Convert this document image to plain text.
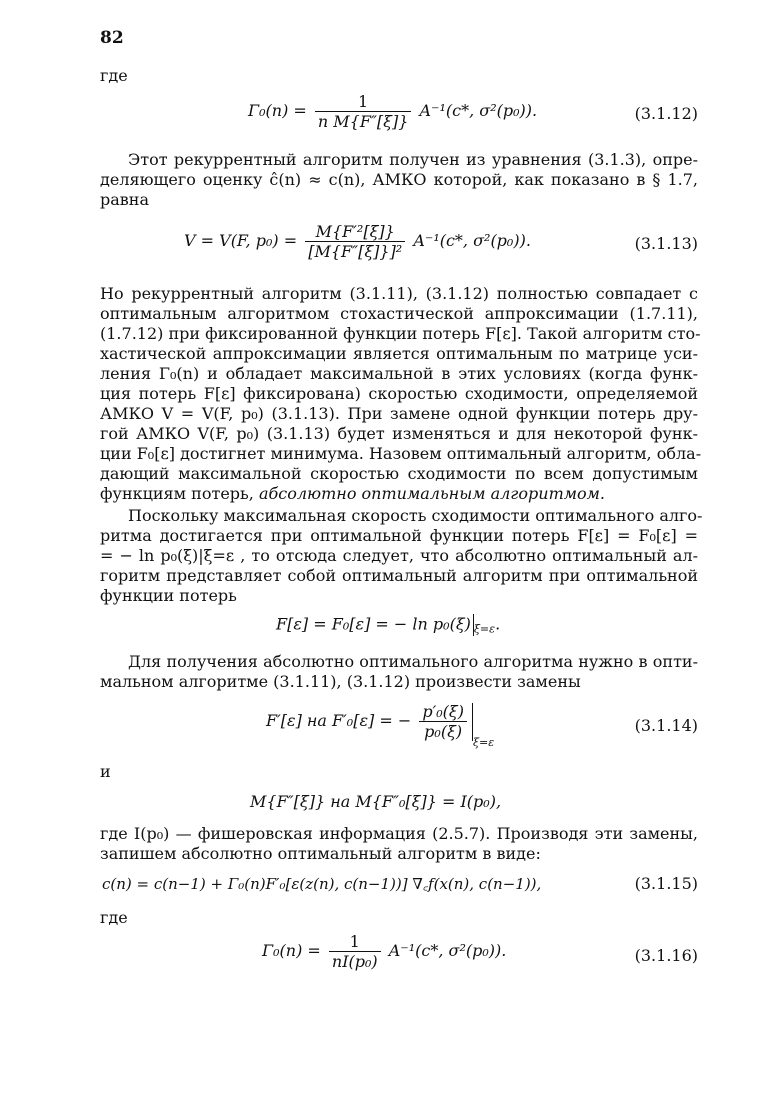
82
где
$\Gamma_0(n) = \frac{1}{\text{n M\{F″[ξ]\}}} A^{-1}(c*$, σ²(p₀)).	(3.1.12)
Этот рекуррентный алгоритм получен из уравнения (3.1.3), опре-
деляющего оценку ĉ(n) ≈ c(n), АМКО которой, как показано в § 1.7,
равна
V = V(F, $p_0) = \frac{\text{M\{F′²[ξ]\}}}{\text{[M\{F″[ξ]\}]²}} A^{-1}(c*$, σ²(p₀)).	(3.1.13)
Но рекуррентный алгоритм (3.1.11), (3.1.12) полностью совпадает с
оптимальным алгоритмом стохастической аппроксимации (1.7.11),
(1.7.12) при фиксированной функции потерь F[ε]. Такой алгоритм сто-
хастической аппроксимации является оптимальным по матрице уси-
ления Γ₀(n) и обладает максимальной в этих условиях (когда функ-
ция потерь F[ε] фиксирована) скоростью сходимости, определяемой
АМКО V = V(F, p₀) (3.1.13). При замене одной функции потерь дру-
гой АМКО V(F, p₀) (3.1.13) будет изменяться и для некоторой функ-
ции F₀[ε] достигнет минимума. Назовем оптимальный алгоритм, обла-
дающий максимальной скоростью сходимости по всем допустимым
функциям потерь, абсолютно оптимальным алгоритмом.
Поскольку максимальная скорость сходимости оптимального алго-
ритма достигается при оптимальной функции потерь F[ε] = F₀[ε] =
= − ln p₀(ξ)|ξ=ε , то отсюда следует, что абсолютно оптимальный ал-
горитм представляет собой оптимальный алгоритм при оптимальной
функции потерь
F[ε] = F₀[ε] = − ln p₀(ξ) $_{\xi=\varepsilon}$.
Для получения абсолютно оптимального алгоритма нужно в опти-
мальном алгоритме (3.1.11), (3.1.12) произвести замены
F′[ε] на F′₀[ε] = − $\frac{\text{p′₀(ξ)}}{\text{p₀(ξ)}}$
$_{\xi=\varepsilon}$
(3.1.14)
и
M{F″[ξ]} на M{F″₀[ξ]} = I(p₀),
где I(p₀) — фишеровская информация (2.5.7). Производя эти замены,
запишем абсолютно оптимальный алгоритм в виде:
c(n) = c(n−1) + Γ₀(n)F′₀[ε(z(n), c(n−1))] ∇꜀f(x(n), c(n−1)),	(3.1.15)
где
$\Gamma_0(n) = \frac{1}{\text{nI(p₀)}} A^{-1}(c*$, σ²(p₀)).	(3.1.16)
